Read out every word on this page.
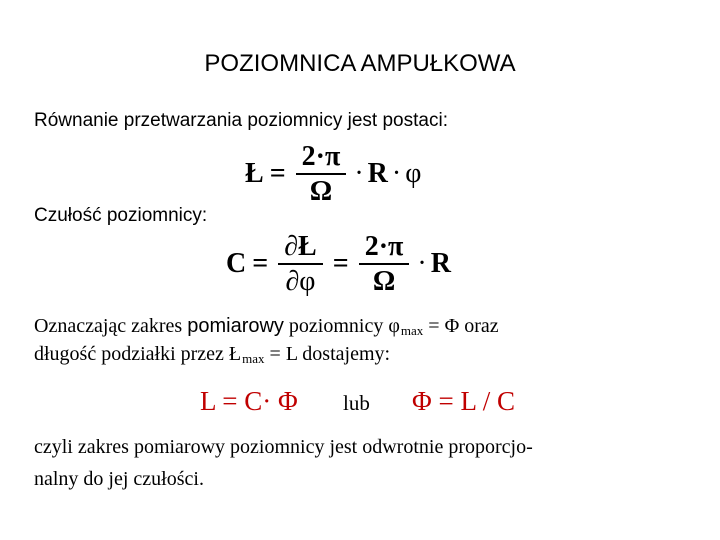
POZIOMNICA AMPUŁKOWA
Równanie przetwarzania poziomnicy jest postaci:
Ł = $\frac{2\cdot\pi}{\Omega} \cdot R \cdot \varphi$
Czułość poziomnicy:
$C = \frac{\partial Ł}{\partial\varphi} = \frac{2\cdot\pi}{\Omega} \cdot R$
Oznaczając zakres pomiarowy poziomnicy $\varphi_{max} = \Phi$ oraz
długość podziałki przez $Ł_{max} = L$ dostajemy:
L = C· Φ lub Φ = L / C
czyli zakres pomiarowy poziomnicy jest odwrotnie proporcjo-
nalny do jej czułości.
